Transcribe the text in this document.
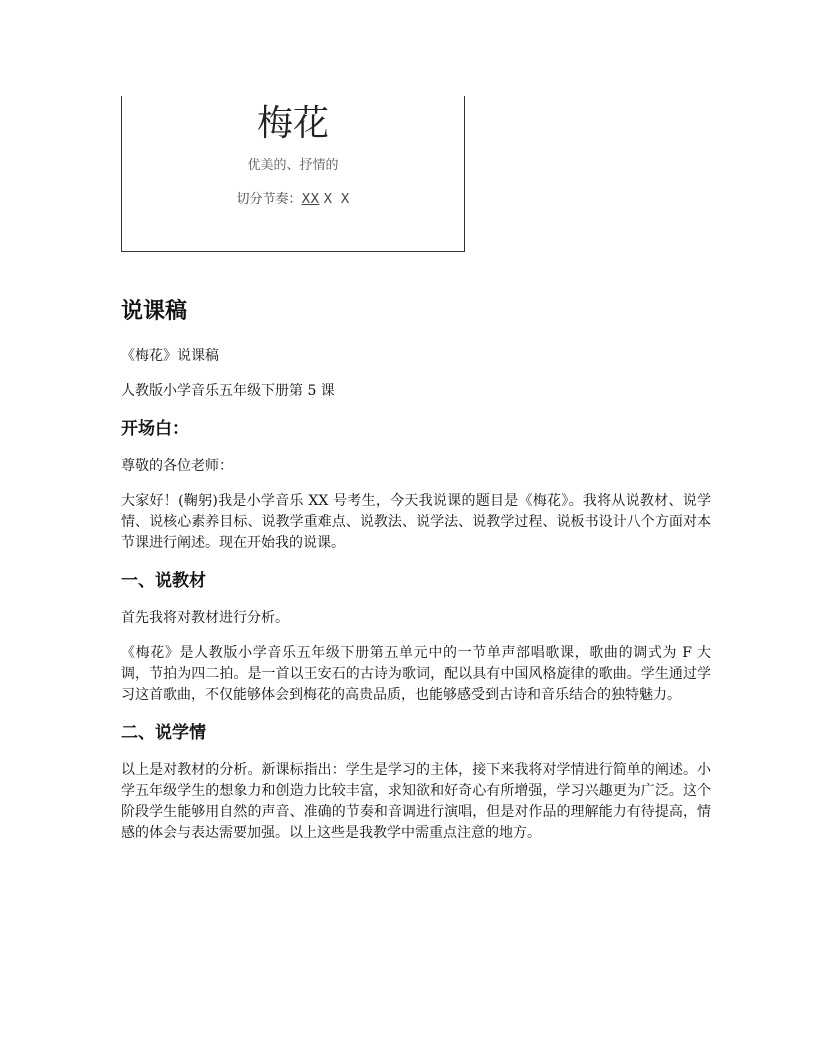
梅花
优美的、抒情的
切分节奏：XX X  X
说课稿
《梅花》说课稿
人教版小学音乐五年级下册第 5 课
开场白：
尊敬的各位老师：
大家好！(鞠躬)我是小学音乐 XX 号考生，今天我说课的题目是《梅花》。我将从说教材、说学情、说核心素养目标、说教学重难点、说教法、说学法、说教学过程、说板书设计八个方面对本节课进行阐述。现在开始我的说课。
一、说教材
首先我将对教材进行分析。
《梅花》是人教版小学音乐五年级下册第五单元中的一节单声部唱歌课，歌曲的调式为 F 大调，节拍为四二拍。是一首以王安石的古诗为歌词，配以具有中国风格旋律的歌曲。学生通过学习这首歌曲，不仅能够体会到梅花的高贵品质，也能够感受到古诗和音乐结合的独特魅力。
二、说学情
以上是对教材的分析。新课标指出：学生是学习的主体，接下来我将对学情进行简单的阐述。小学五年级学生的想象力和创造力比较丰富，求知欲和好奇心有所增强，学习兴趣更为广泛。这个阶段学生能够用自然的声音、准确的节奏和音调进行演唱，但是对作品的理解能力有待提高，情感的体会与表达需要加强。以上这些是我教学中需重点注意的地方。
